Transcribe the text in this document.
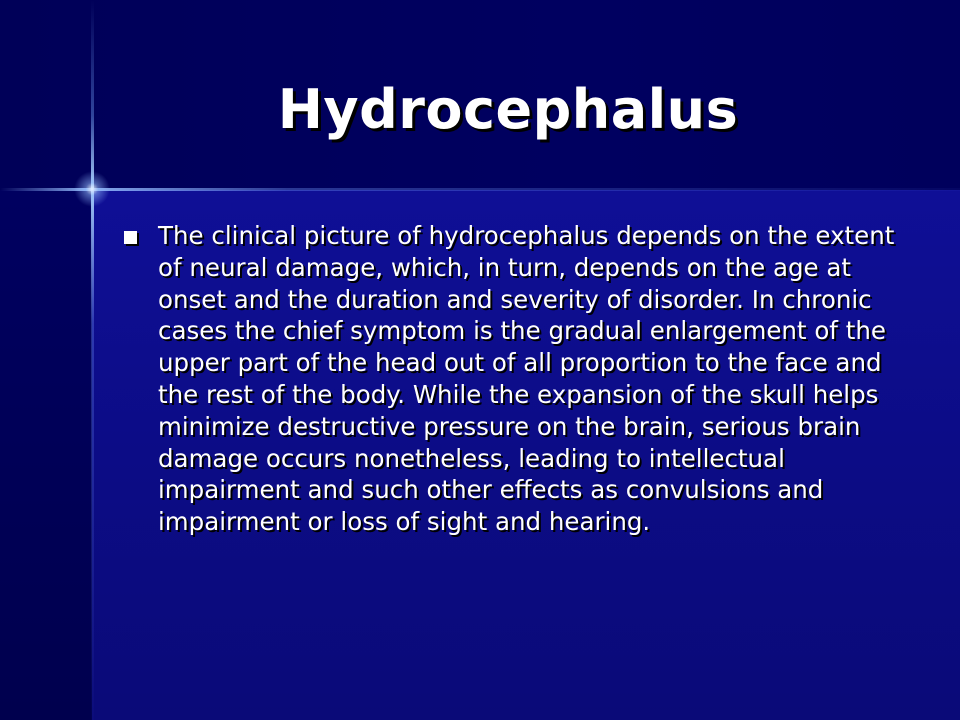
Hydrocephalus

The clinical picture of hydrocephalus depends on the extent of neural damage, which, in turn, depends on the age at onset and the duration and severity of disorder. In chronic cases the chief symptom is the gradual enlargement of the upper part of the head out of all proportion to the face and the rest of the body. While the expansion of the skull helps minimize destructive pressure on the brain, serious brain damage occurs nonetheless, leading to intellectual impairment and such other effects as convulsions and impairment or loss of sight and hearing.
